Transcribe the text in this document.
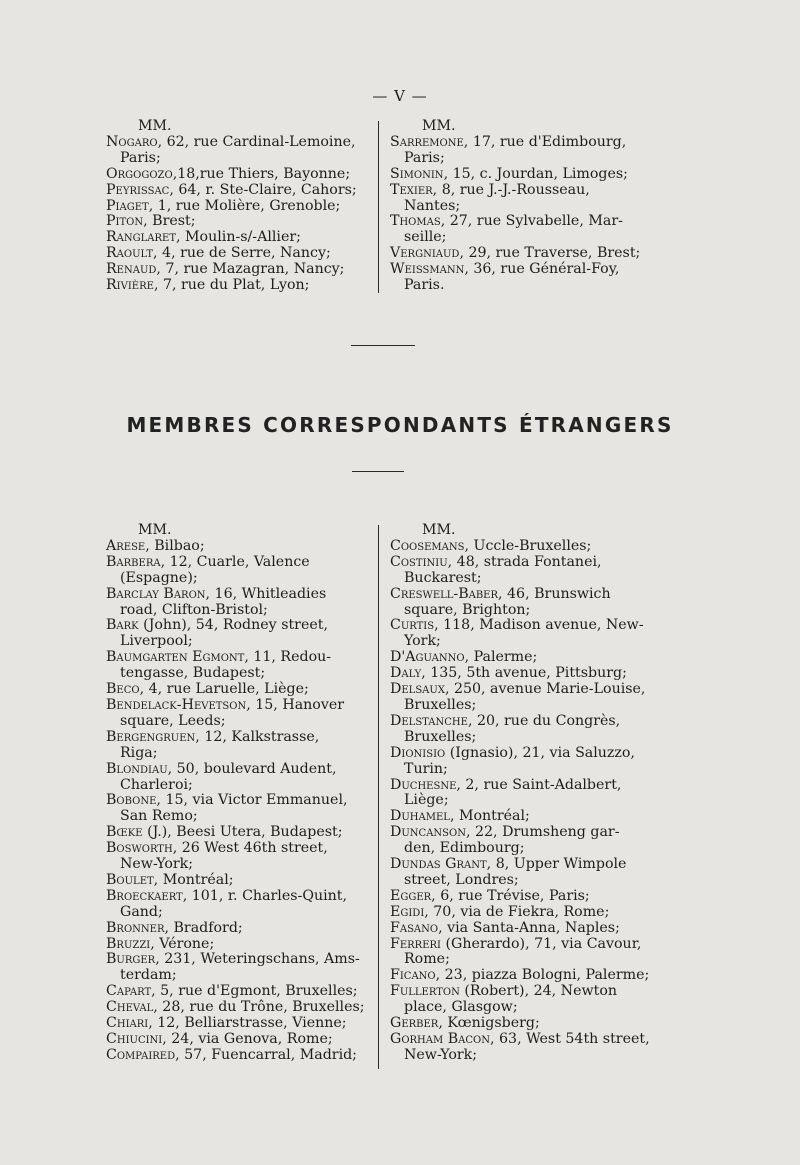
— V —
MM.
Nogaro, 62, rue Cardinal-Lemoine,
Paris;
Orgogozo,18,rue Thiers, Bayonne;
Peyrissac, 64, r. Ste-Claire, Cahors;
Piaget, 1, rue Molière, Grenoble;
Piton, Brest;
Ranglaret, Moulin-s/-Allier;
Raoult, 4, rue de Serre, Nancy;
Renaud, 7, rue Mazagran, Nancy;
Rivière, 7, rue du Plat, Lyon;
MM.
Sarremone, 17, rue d'Edimbourg,
Paris;
Simonin, 15, c. Jourdan, Limoges;
Texier, 8, rue J.-J.-Rousseau,
Nantes;
Thomas, 27, rue Sylvabelle, Mar-
seille;
Vergniaud, 29, rue Traverse, Brest;
Weissmann, 36, rue Général-Foy,
Paris.
MEMBRES CORRESPONDANTS ÉTRANGERS
MM.
Arese, Bilbao;
Barbera, 12, Cuarle, Valence
(Espagne);
Barclay Baron, 16, Whitleadies
road, Clifton-Bristol;
Bark (John), 54, Rodney street,
Liverpool;
Baumgarten Egmont, 11, Redou-
tengasse, Budapest;
Beco, 4, rue Laruelle, Liège;
Bendelack-Hevetson, 15, Hanover
square, Leeds;
Bergengruen, 12, Kalkstrasse,
Riga;
Blondiau, 50, boulevard Audent,
Charleroi;
Bobone, 15, via Victor Emmanuel,
San Remo;
Bœke (J.), Beesi Utera, Budapest;
Bosworth, 26 West 46th street,
New-York;
Boulet, Montréal;
Broeckaert, 101, r. Charles-Quint,
Gand;
Bronner, Bradford;
Bruzzi, Vérone;
Burger, 231, Weteringschans, Ams-
terdam;
Capart, 5, rue d'Egmont, Bruxelles;
Cheval, 28, rue du Trône, Bruxelles;
Chiari, 12, Belliarstrasse, Vienne;
Chiucini, 24, via Genova, Rome;
Compaired, 57, Fuencarral, Madrid;
MM.
Coosemans, Uccle-Bruxelles;
Costiniu, 48, strada Fontanei,
Buckarest;
Creswell-Baber, 46, Brunswich
square, Brighton;
Curtis, 118, Madison avenue, New-
York;
D'Aguanno, Palerme;
Daly, 135, 5th avenue, Pittsburg;
Delsaux, 250, avenue Marie-Louise,
Bruxelles;
Delstanche, 20, rue du Congrès,
Bruxelles;
Dionisio (Ignasio), 21, via Saluzzo,
Turin;
Duchesne, 2, rue Saint-Adalbert,
Liège;
Duhamel, Montréal;
Duncanson, 22, Drumsheng gar-
den, Edimbourg;
Dundas Grant, 8, Upper Wimpole
street, Londres;
Egger, 6, rue Trévise, Paris;
Egidi, 70, via de Fiekra, Rome;
Fasano, via Santa-Anna, Naples;
Ferreri (Gherardo), 71, via Cavour,
Rome;
Ficano, 23, piazza Bologni, Palerme;
Fullerton (Robert), 24, Newton
place, Glasgow;
Gerber, Kœnigsberg;
Gorham Bacon, 63, West 54th street,
New-York;
